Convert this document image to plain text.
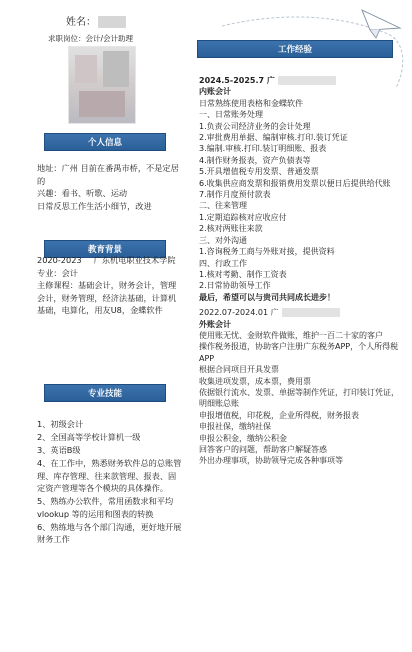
姓名：
求职岗位：会计/会计助理
个人信息
地址：广州 目前在番禺市桥，不是定居的
兴趣：看书、听歌、运动
日常反思工作生活小细节，改进
教育背景
2020-2023 广东机电职业技术学院
专业：会计
主修课程：基础会计，财务会计，管理会计，财务管理，经济法基础，计算机基础，电算化，用友U8，金蝶软件
专业技能
1、初级会计
2、全国高等学校计算机一级
3、英语B级
4、在工作中，熟悉财务软件总的总账管理、库存管理、往来款管理、报表、固定资产管理等各个模块的具体操作。
5、熟练办公软件，常用函数求和平均 vlookup 等的运用和图表的转换
6、熟练地与各个部门沟通，更好地开展财务工作
工作经验
2024.5-2025.7 广
内账会计
日常熟练使用表格和金蝶软件
一、日常账务处理
1.负责公司经济业务的会计处理
2.审批费用单据、编制审核.打印.装订凭证
3.编制.审核.打印.装订明细账、报表
4.制作财务报表，资产负债表等
5.开具增值税专用发票、普通发票
6.收集供应商发票和报销费用发票以便日后提供给代账
7.制作月度预付款表
二、往来管理
1.定期追踪核对应收应付
2.核对两账往来款
三、对外沟通
1.咨询税务工商与外账对接，提供资料
四、行政工作
1.核对考勤、制作工资表
2.日常协助领导工作
最后，希望可以与贵司共同成长进步！
2022.07-2024.01 广
外账会计
使用账无忧、金财软件做账，维护一百二十家的客户
操作税务报道，协助客户注册广东税务APP，个人所得税 APP
根据合同项目开具发票
收集进项发票，成本票，费用票
依据银行流水、发票、单据等制作凭证，打印装订凭证，明细账总账
申报增值税，印花税，企业所得税，财务报表
申报社保，缴纳社保
申报公积金，缴纳公积金
回答客户的问题，帮助客户解疑答惑
外出办理事项，协助领导完成各种事项等
